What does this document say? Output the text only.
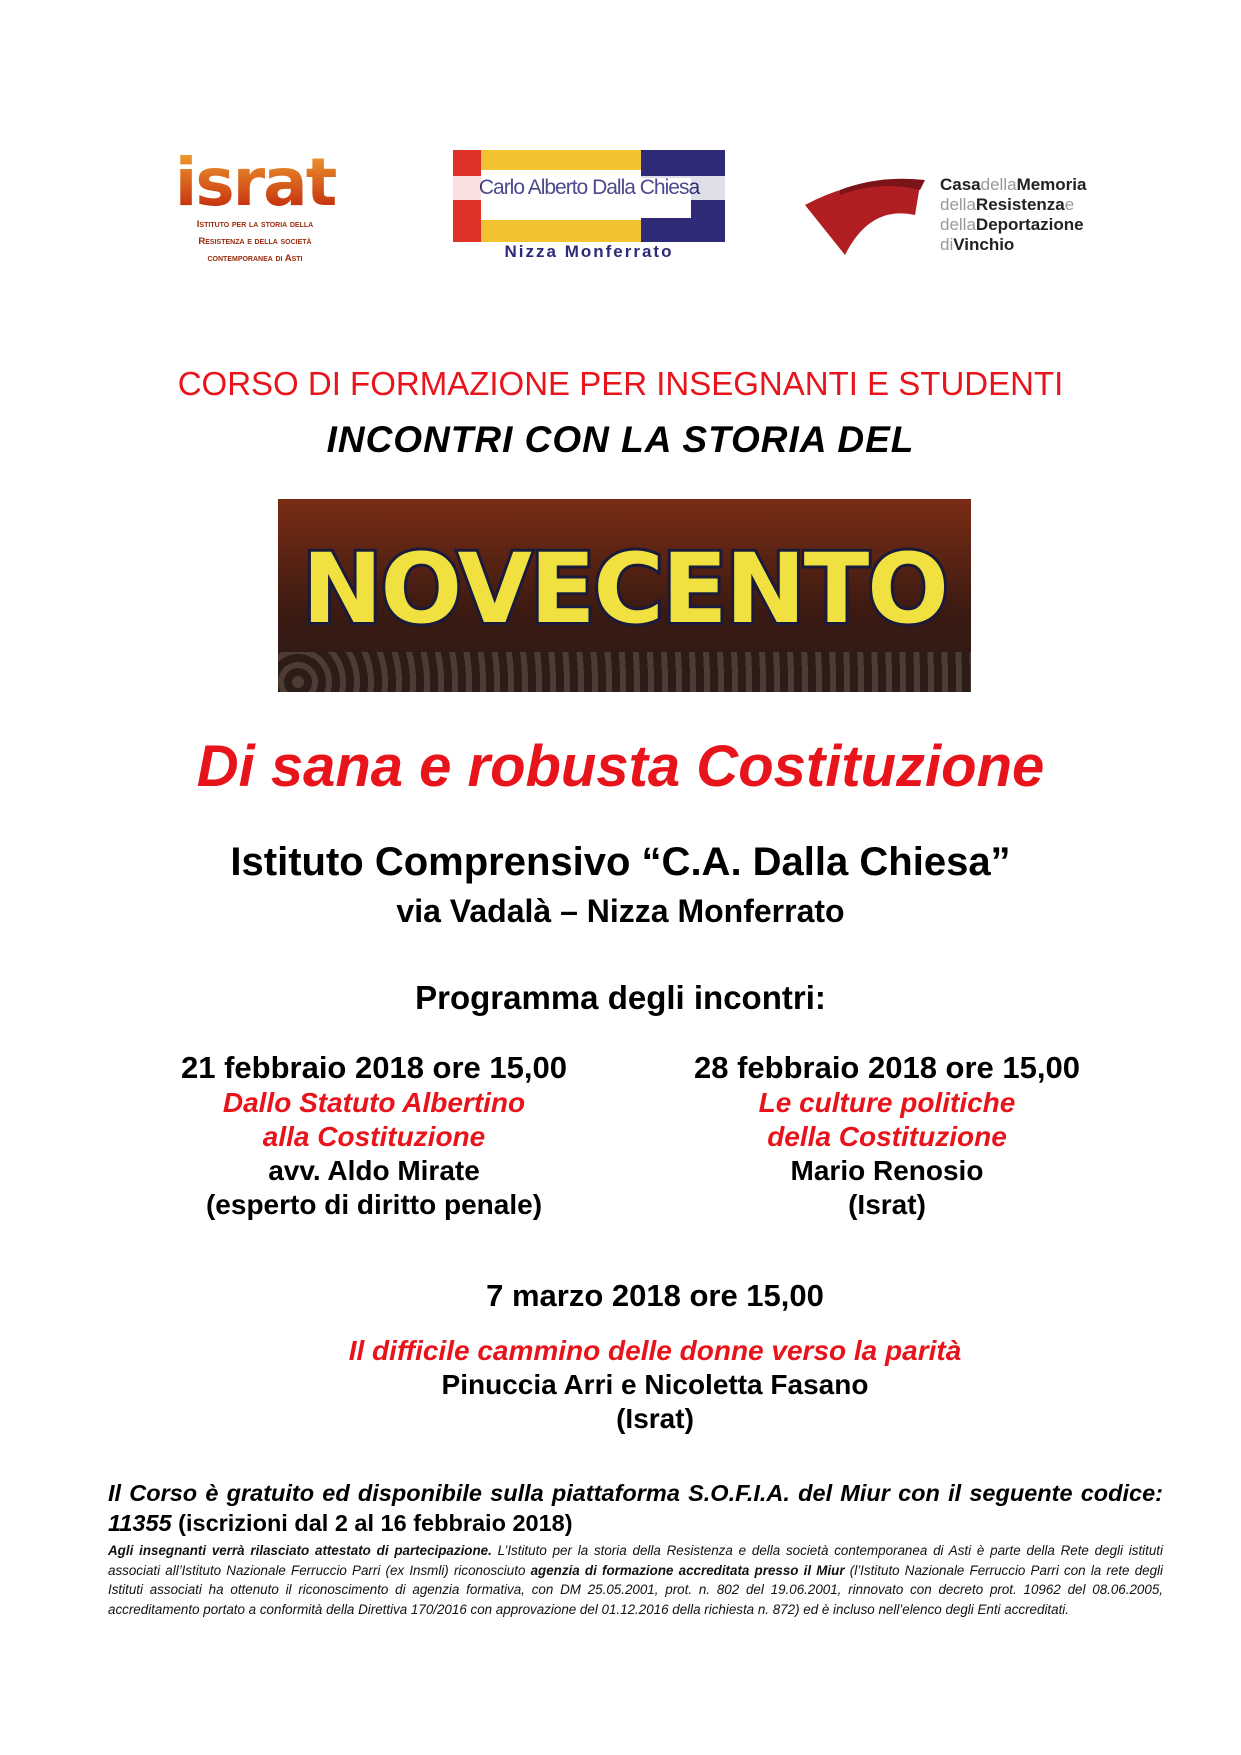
israt
Istituto per la storia della
Resistenza e della società
contemporanea di Asti
Carlo Alberto Dalla Chiesa
Nizza Monferrato
CasadellaMemoria
dellaResistenzae
dellaDeportazione
diVinchio
CORSO DI FORMAZIONE PER INSEGNANTI E STUDENTI
INCONTRI CON LA STORIA DEL
NOVECENTO
Di sana e robusta Costituzione
Istituto Comprensivo “C.A. Dalla Chiesa”
via Vadalà – Nizza Monferrato
Programma degli incontri:
21 febbraio 2018 ore 15,00
Dallo Statuto Albertino
alla Costituzione
avv. Aldo Mirate
(esperto di diritto penale)
28 febbraio 2018 ore 15,00
Le culture politiche
della Costituzione
Mario Renosio
(Israt)
7 marzo 2018 ore 15,00
Il difficile cammino delle donne verso la parità
Pinuccia Arri e Nicoletta Fasano
(Israt)
Il Corso è gratuito ed disponibile sulla piattaforma S.O.F.I.A. del Miur con il seguente codice: 11355 (iscrizioni dal 2 al 16 febbraio 2018)
Agli insegnanti verrà rilasciato attestato di partecipazione. L’Istituto per la storia della Resistenza e della società contemporanea di Asti è parte della Rete degli istituti associati all’Istituto Nazionale Ferruccio Parri (ex Insmli) riconosciuto agenzia di formazione accreditata presso il Miur (l’Istituto Nazionale Ferruccio Parri con la rete degli Istituti associati ha ottenuto il riconoscimento di agenzia formativa, con DM 25.05.2001, prot. n. 802 del 19.06.2001, rinnovato con decreto prot. 10962 del 08.06.2005, accreditamento portato a conformità della Direttiva 170/2016 con approvazione del 01.12.2016 della richiesta n. 872) ed è incluso nell’elenco degli Enti accreditati.
